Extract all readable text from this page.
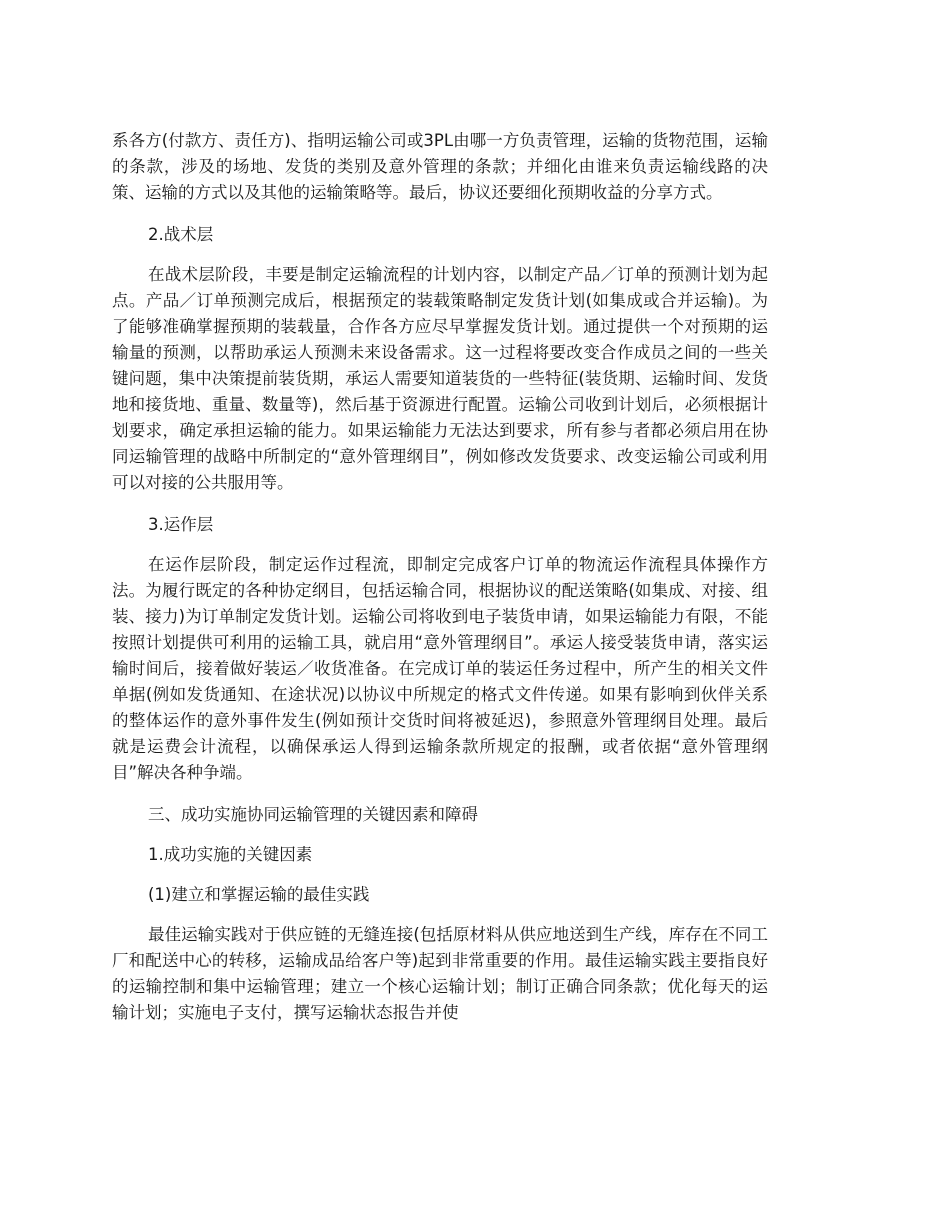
系各方(付款方、责任方)、指明运输公司或3PL由哪一方负责管理，运输的货物范围，运输的条款，涉及的场地、发货的类别及意外管理的条款；并细化由谁来负责运输线路的决策、运输的方式以及其他的运输策略等。最后，协议还要细化预期收益的分享方式。

2.战术层

在战术层阶段，丰要是制定运输流程的计划内容，以制定产品／订单的预测计划为起点。产品／订单预测完成后，根据预定的装载策略制定发货计划(如集成或合并运输)。为了能够准确掌握预期的装载量，合作各方应尽早掌握发货计划。通过提供一个对预期的运输量的预测，以帮助承运人预测未来设备需求。这一过程将要改变合作成员之间的一些关键问题，集中决策提前装货期，承运人需要知道装货的一些特征(装货期、运输时间、发货地和接货地、重量、数量等)，然后基于资源进行配置。运输公司收到计划后，必须根据计划要求，确定承担运输的能力。如果运输能力无法达到要求，所有参与者都必须启用在协同运输管理的战略中所制定的“意外管理纲目”，例如修改发货要求、改变运输公司或利用可以对接的公共服用等。

3.运作层

在运作层阶段，制定运作过程流，即制定完成客户订单的物流运作流程具体操作方法。为履行既定的各种协定纲目，包括运输合同，根据协议的配送策略(如集成、对接、组装、接力)为订单制定发货计划。运输公司将收到电子装货申请，如果运输能力有限，不能按照计划提供可利用的运输工具，就启用“意外管理纲目”。承运人接受装货申请，落实运输时间后，接着做好装运／收货准备。在完成订单的装运任务过程中，所产生的相关文件单据(例如发货通知、在途状况)以协议中所规定的格式文件传递。如果有影响到伙伴关系的整体运作的意外事件发生(例如预计交货时间将被延迟)，参照意外管理纲目处理。最后就是运费会计流程，以确保承运人得到运输条款所规定的报酬，或者依据“意外管理纲目”解决各种争端。

三、成功实施协同运输管理的关键因素和障碍

1.成功实施的关键因素

(1)建立和掌握运输的最佳实践

最佳运输实践对于供应链的无缝连接(包括原材料从供应地送到生产线，库存在不同工厂和配送中心的转移，运输成品给客户等)起到非常重要的作用。最佳运输实践主要指良好的运输控制和集中运输管理；建立一个核心运输计划；制订正确合同条款；优化每天的运输计划；实施电子支付，撰写运输状态报告并使
